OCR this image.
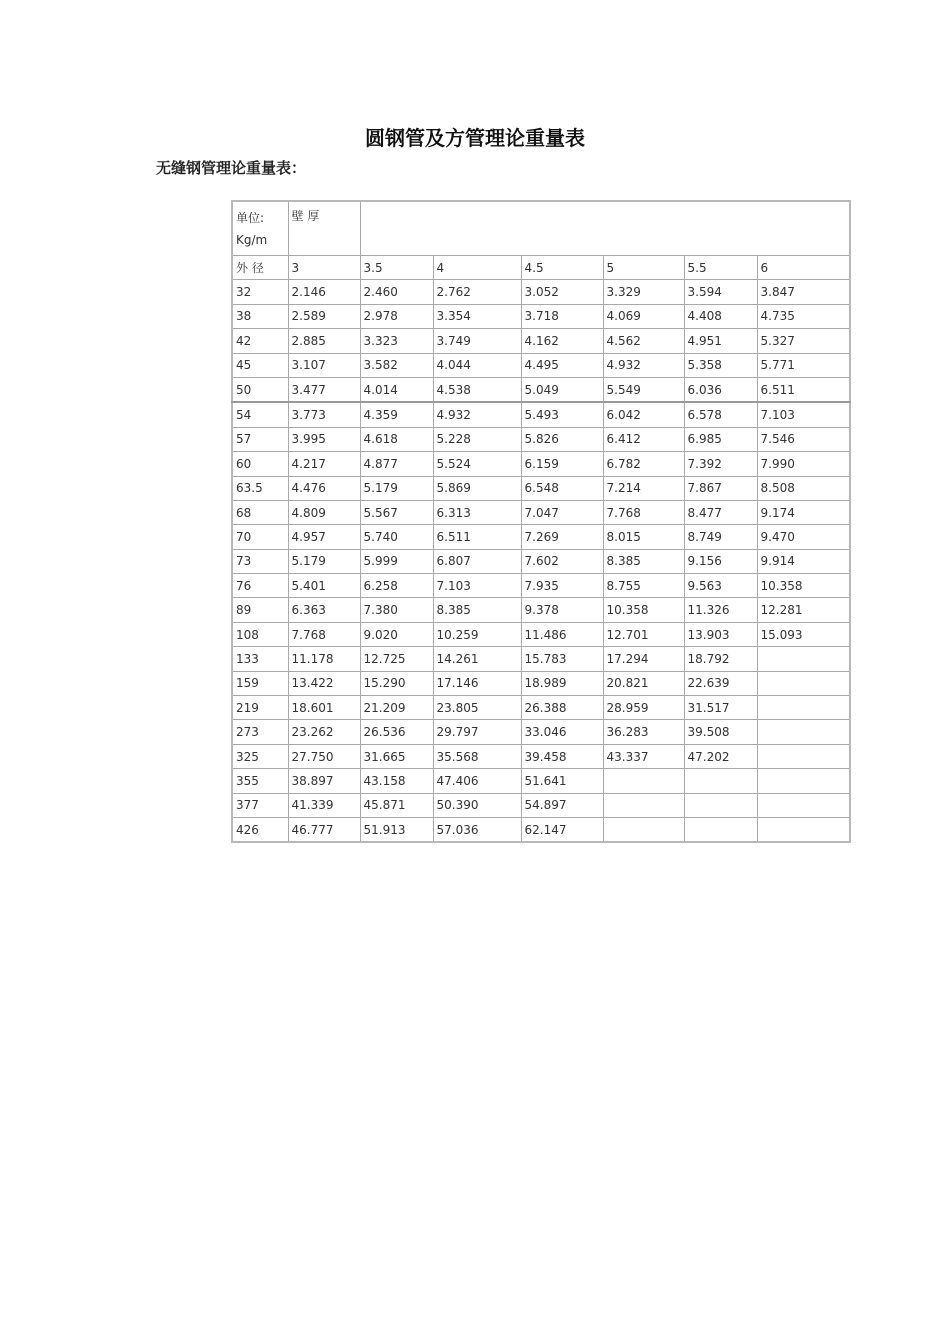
圆钢管及方管理论重量表
无缝钢管理论重量表：
单位:
Kg/m	壁 厚						
外 径	3	3.5	4	4.5	5	5.5	6
32	2.146	2.460	2.762	3.052	3.329	3.594	3.847
38	2.589	2.978	3.354	3.718	4.069	4.408	4.735
42	2.885	3.323	3.749	4.162	4.562	4.951	5.327
45	3.107	3.582	4.044	4.495	4.932	5.358	5.771
50	3.477	4.014	4.538	5.049	5.549	6.036	6.511
54	3.773	4.359	4.932	5.493	6.042	6.578	7.103
57	3.995	4.618	5.228	5.826	6.412	6.985	7.546
60	4.217	4.877	5.524	6.159	6.782	7.392	7.990
63.5	4.476	5.179	5.869	6.548	7.214	7.867	8.508
68	4.809	5.567	6.313	7.047	7.768	8.477	9.174
70	4.957	5.740	6.511	7.269	8.015	8.749	9.470
73	5.179	5.999	6.807	7.602	8.385	9.156	9.914
76	5.401	6.258	7.103	7.935	8.755	9.563	10.358
89	6.363	7.380	8.385	9.378	10.358	11.326	12.281
108	7.768	9.020	10.259	11.486	12.701	13.903	15.093
133	11.178	12.725	14.261	15.783	17.294	18.792	
159	13.422	15.290	17.146	18.989	20.821	22.639	
219	18.601	21.209	23.805	26.388	28.959	31.517	
273	23.262	26.536	29.797	33.046	36.283	39.508	
325	27.750	31.665	35.568	39.458	43.337	47.202	
355	38.897	43.158	47.406	51.641			
377	41.339	45.871	50.390	54.897			
426	46.777	51.913	57.036	62.147			
